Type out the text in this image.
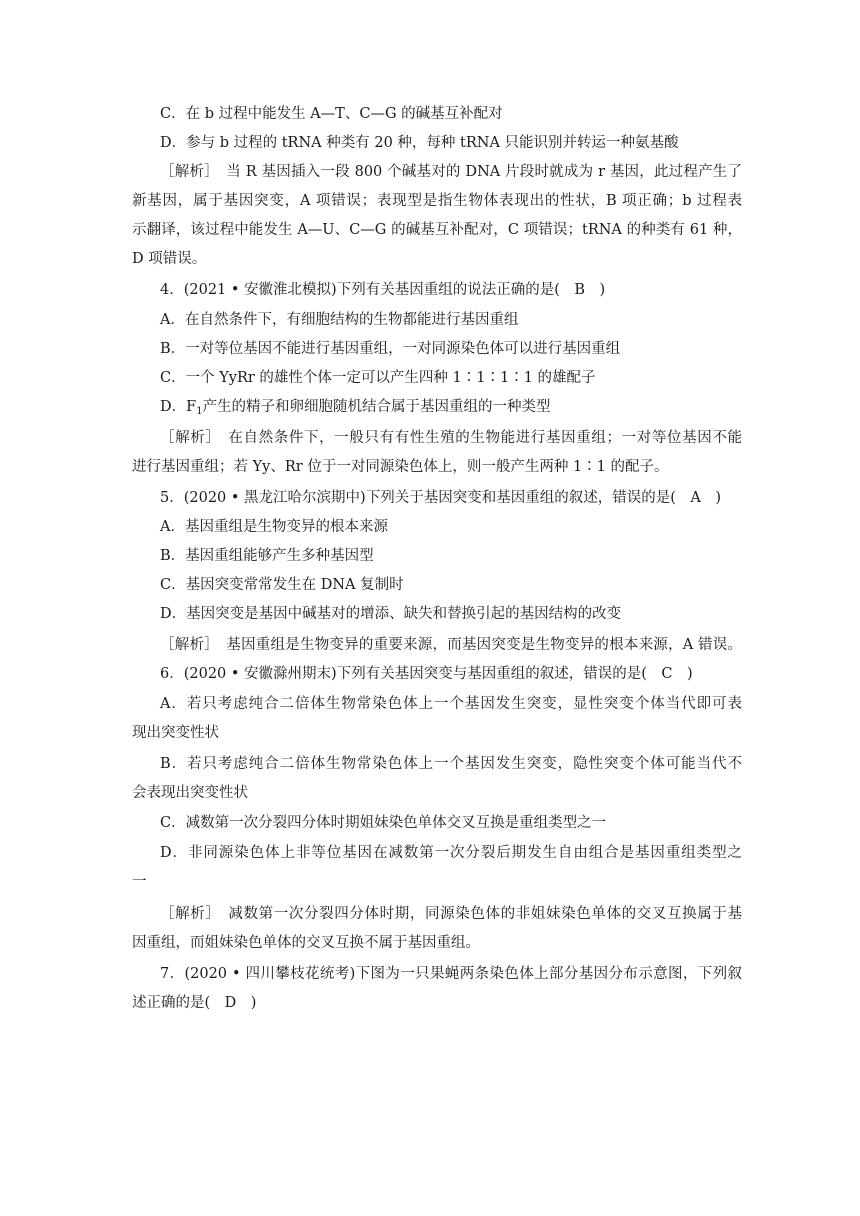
C．在 b 过程中能发生 A—T、C—G 的碱基互补配对
D．参与 b 过程的 tRNA 种类有 20 种，每种 tRNA 只能识别并转运一种氨基酸
［解析］　当 R 基因插入一段 800 个碱基对的 DNA 片段时就成为 r 基因，此过程产生了
新基因，属于基因突变，A 项错误；表现型是指生物体表现出的性状，B 项正确；b 过程表
示翻译，该过程中能发生 A—U、C—G 的碱基互补配对，C 项错误；tRNA 的种类有 61 种，
D 项错误。
4．(2021 • 安徽淮北模拟)下列有关基因重组的说法正确的是(　B　)
A．在自然条件下，有细胞结构的生物都能进行基因重组
B．一对等位基因不能进行基因重组，一对同源染色体可以进行基因重组
C．一个 YyRr 的雄性个体一定可以产生四种 1∶1∶1∶1 的雄配子
D．$F_1$产生的精子和卵细胞随机结合属于基因重组的一种类型
［解析］　在自然条件下，一般只有有性生殖的生物能进行基因重组；一对等位基因不能
进行基因重组；若 Yy、Rr 位于一对同源染色体上，则一般产生两种 1∶1 的配子。
5．(2020 • 黑龙江哈尔滨期中)下列关于基因突变和基因重组的叙述，错误的是(　A　)
A．基因重组是生物变异的根本来源
B．基因重组能够产生多种基因型
C．基因突变常常发生在 DNA 复制时
D．基因突变是基因中碱基对的增添、缺失和替换引起的基因结构的改变
［解析］　基因重组是生物变异的重要来源，而基因突变是生物变异的根本来源，A 错误。
6．(2020 • 安徽滁州期末)下列有关基因突变与基因重组的叙述，错误的是(　C　)
A．若只考虑纯合二倍体生物常染色体上一个基因发生突变，显性突变个体当代即可表
现出突变性状
B．若只考虑纯合二倍体生物常染色体上一个基因发生突变，隐性突变个体可能当代不
会表现出突变性状
C．减数第一次分裂四分体时期姐妹染色单体交叉互换是重组类型之一
D．非同源染色体上非等位基因在减数第一次分裂后期发生自由组合是基因重组类型之
一
［解析］　减数第一次分裂四分体时期，同源染色体的非姐妹染色单体的交叉互换属于基
因重组，而姐妹染色单体的交叉互换不属于基因重组。
7．(2020 • 四川攀枝花统考)下图为一只果蝇两条染色体上部分基因分布示意图，下列叙
述正确的是(　D　)
